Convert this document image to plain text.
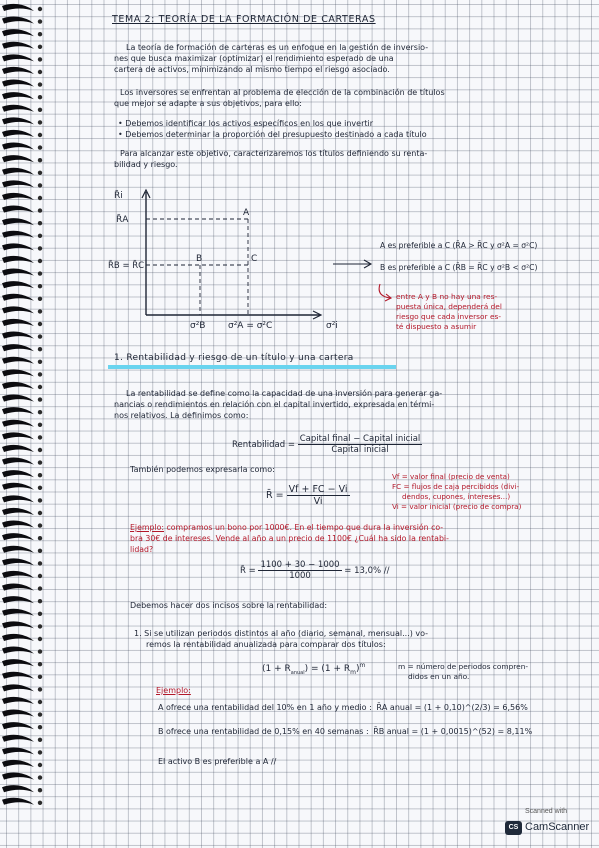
TEMA 2: TEORÍA DE LA FORMACIÓN DE CARTERAS
La teoría de formación de carteras es un enfoque en la gestión de inversio-
nes que busca maximizar (optimizar) el rendimiento esperado de una
cartera de activos, minimizando al mismo tiempo el riesgo asociado.
Los inversores se enfrentan al problema de elección de la combinación de títulos
que mejor se adapte a sus objetivos, para ello:
• Debemos identificar los activos específicos en los que invertir
• Debemos determinar la proporción del presupuesto destinado a cada título
Para alcanzar este objetivo, caracterizaremos los títulos definiendo su renta-
bilidad y riesgo.
R̄i
R̄A
R̄B = R̄C
A
B	C
σ²B	σ²A = σ²C	σ²i
A es preferible a C (R̄A > R̄C y σ²A = σ²C)
B es preferible a C (R̄B = R̄C y σ²B < σ²C)
entre A y B no hay una res-
puesta única, dependerá del
riesgo que cada inversor es-
té dispuesto a asumir
1. Rentabilidad y riesgo de un título y una cartera
La rentabilidad se define como la capacidad de una inversión para generar ga-
nancias o rendimientos en relación con el capital invertido, expresada en térmi-
nos relativos. La definimos como:
Rentabilidad = $\frac{\text{Capital final − Capital inicial}}{\text{Capital inicial}}$
También podemos expresarla como:
R̄ = $\frac{Vf + FC - Vi}{Vi}$
Vf = valor final (precio de venta)
FC = flujos de caja percibidos (divi-
dendos, cupones, intereses...)
Vi = valor inicial (precio de compra)
Ejemplo: compramos un bono por 1000€. En el tiempo que dura la inversión co-
bra 30€ de intereses. Vende al año a un precio de 1100€ ¿Cuál ha sido la rentabi-
lidad?
R̄ = $\frac{1100 + 30 - 1000}{1000} = 13,0\%$ //
Debemos hacer dos incisos sobre la rentabilidad:
1. Si se utilizan periodos distintos al año (diario, semanal, mensual...) vo-
remos la rentabilidad anualizada para comparar dos títulos:
$(1 + R_{anual}) = (1 + R_m)^m$	m = número de periodos compren-
didos en un año.
Ejemplo:
A ofrece una rentabilidad del 10% en 1 año y medio : R̄A anual = (1 + 0,10)^(2/3) = 6,56%
B ofrece una rentabilidad de 0,15% en 40 semanas : R̄B anual = (1 + 0,0015)^(52) = 8,11%
El activo B es preferible a A //
Scanned with
CS CamScanner
